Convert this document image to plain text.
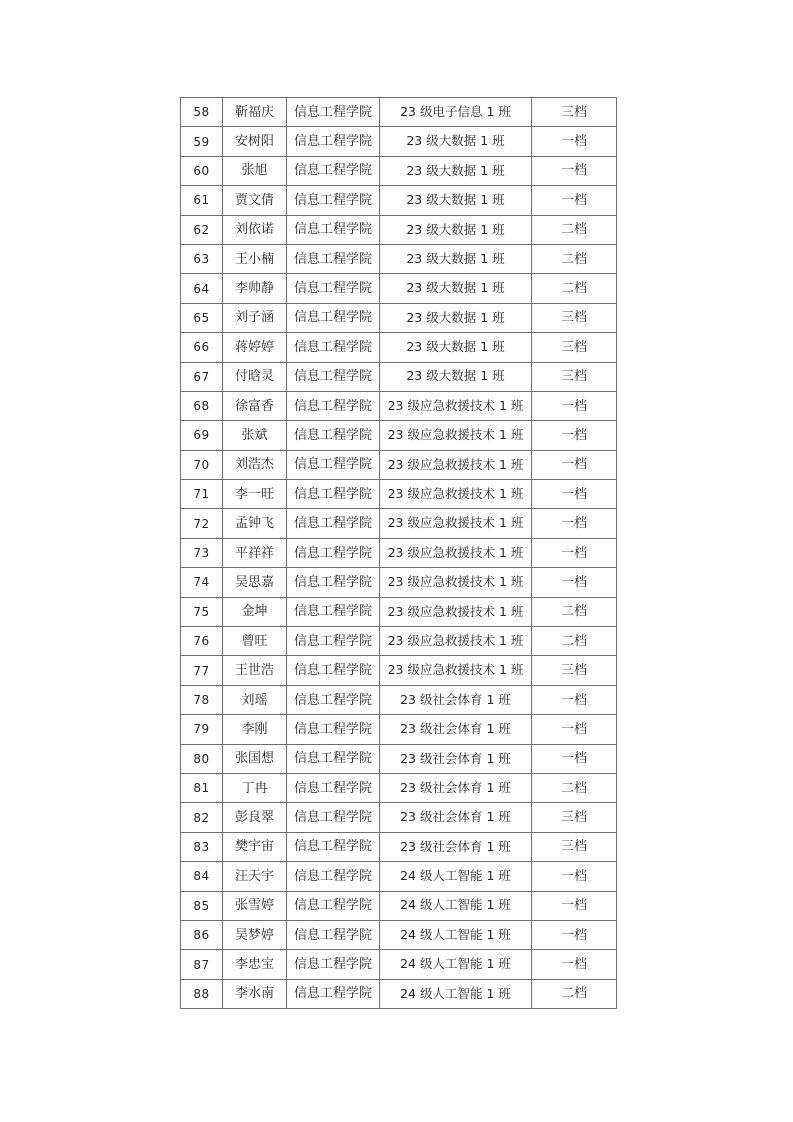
58	靳福庆	信息工程学院	23 级电子信息 1 班	三档
59	安树阳	信息工程学院	23 级大数据 1 班	一档
60	张旭	信息工程学院	23 级大数据 1 班	一档
61	贾文倩	信息工程学院	23 级大数据 1 班	一档
62	刘依诺	信息工程学院	23 级大数据 1 班	二档
63	王小楠	信息工程学院	23 级大数据 1 班	二档
64	李帅静	信息工程学院	23 级大数据 1 班	二档
65	刘子涵	信息工程学院	23 级大数据 1 班	三档
66	蒋婷婷	信息工程学院	23 级大数据 1 班	三档
67	付晗灵	信息工程学院	23 级大数据 1 班	三档
68	徐富香	信息工程学院	23 级应急救援技术 1 班	一档
69	张斌	信息工程学院	23 级应急救援技术 1 班	一档
70	刘浩杰	信息工程学院	23 级应急救援技术 1 班	一档
71	李一旺	信息工程学院	23 级应急救援技术 1 班	一档
72	孟钟飞	信息工程学院	23 级应急救援技术 1 班	一档
73	平祥祥	信息工程学院	23 级应急救援技术 1 班	一档
74	吴思嘉	信息工程学院	23 级应急救援技术 1 班	一档
75	金坤	信息工程学院	23 级应急救援技术 1 班	二档
76	曾旺	信息工程学院	23 级应急救援技术 1 班	二档
77	王世浩	信息工程学院	23 级应急救援技术 1 班	三档
78	刘瑶	信息工程学院	23 级社会体育 1 班	一档
79	李刚	信息工程学院	23 级社会体育 1 班	一档
80	张国想	信息工程学院	23 级社会体育 1 班	一档
81	丁冉	信息工程学院	23 级社会体育 1 班	二档
82	彭良翠	信息工程学院	23 级社会体育 1 班	三档
83	樊宇宙	信息工程学院	23 级社会体育 1 班	三档
84	汪天宇	信息工程学院	24 级人工智能 1 班	一档
85	张雪婷	信息工程学院	24 级人工智能 1 班	一档
86	吴梦婷	信息工程学院	24 级人工智能 1 班	一档
87	李忠宝	信息工程学院	24 级人工智能 1 班	一档
88	李水南	信息工程学院	24 级人工智能 1 班	二档
